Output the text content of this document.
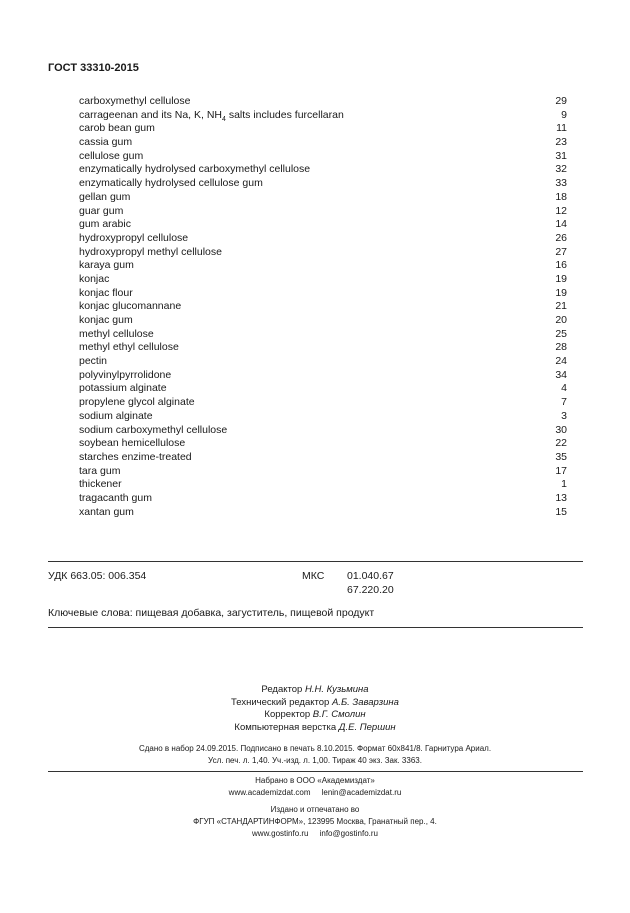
ГОСТ 33310-2015
carboxymethyl cellulose	29
carrageenan and its Na, K, $NH_4$ salts includes furcellaran	9
carob bean gum	11
cassia gum	23
cellulose gum	31
enzymatically hydrolysed carboxymethyl cellulose	32
enzymatically hydrolysed cellulose gum	33
gellan gum	18
guar gum	12
gum arabic	14
hydroxypropyl cellulose	26
hydroxypropyl methyl cellulose	27
karaya gum	16
konjac	19
konjac flour	19
konjac glucomannane	21
konjac gum	20
methyl cellulose	25
methyl ethyl cellulose	28
pectin	24
polyvinylpyrrolidone	34
potassium alginate	4
propylene glycol alginate	7
sodium alginate	3
sodium carboxymethyl cellulose	30
soybean hemicellulose	22
starches enzime-treated	35
tara gum	17
thickener	1
tragacanth gum	13
xantan gum	15
УДК 663.05: 006.354	МКС 01.040.67
67.220.20
Ключевые слова: пищевая добавка, загуститель, пищевой продукт
Редактор Н.Н. Кузьмина
Технический редактор А.Б. Заварзина
Корректор В.Г. Смолин
Компьютерная верстка Д.Е. Першин
Сдано в набор 24.09.2015. Подписано в печать 8.10.2015. Формат 60x841/8. Гарнитура Ариал.
Усл. печ. л. 1,40. Уч.-изд. л. 1,00. Тираж 40 экз. Зак. 3363.
Набрано в ООО «Академиздат»
www.academizdat.com     lenin@academizdat.ru
Издано и отпечатано во
ФГУП «СТАНДАРТИНФОРМ», 123995 Москва, Гранатный пер., 4.
www.gostinfo.ru     info@gostinfo.ru
